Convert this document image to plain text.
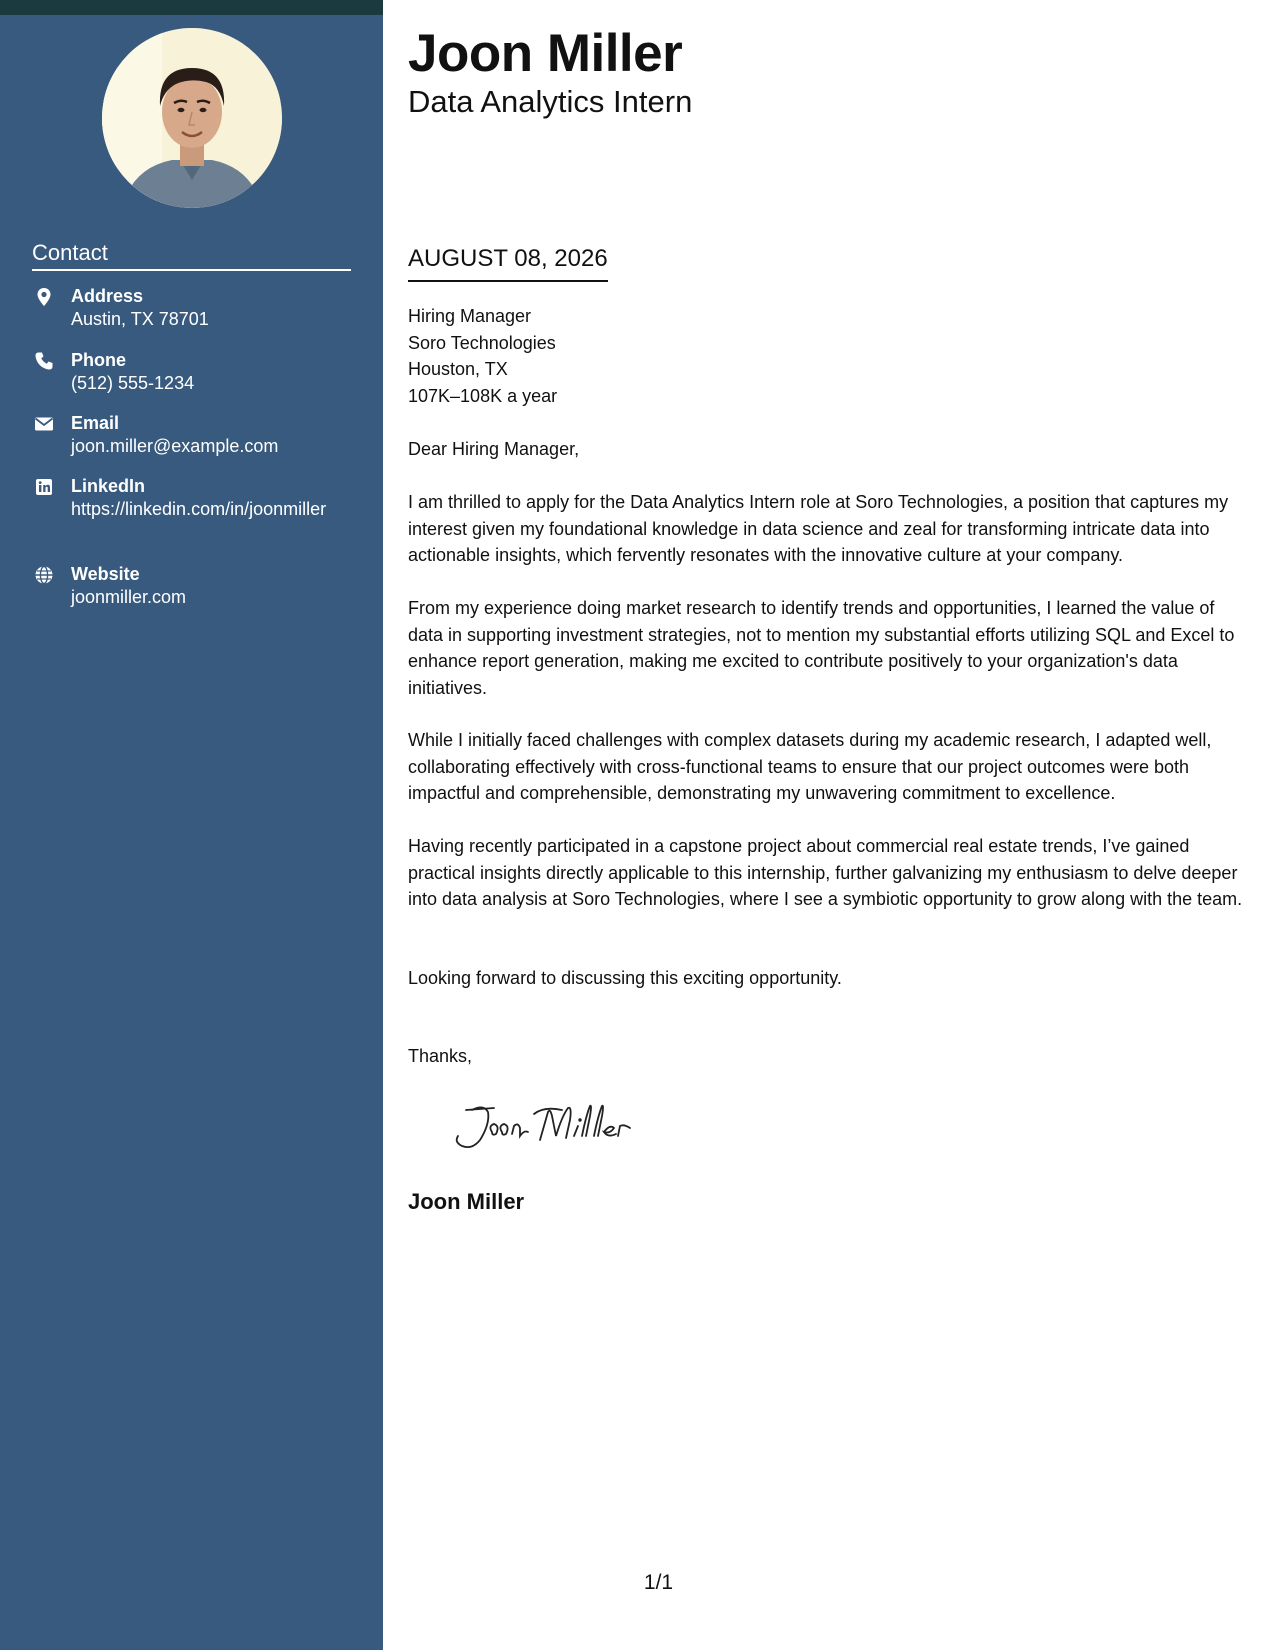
Contact
Address
Austin, TX 78701
Phone
(512) 555-1234
Email
joon.miller@example.com
LinkedIn
https://linkedin.com/in/joonmiller
Website
joonmiller.com
Joon Miller
Data Analytics Intern
AUGUST 08, 2026
Hiring Manager
Soro Technologies
Houston, TX
107K–108K a year
Dear Hiring Manager,
I am thrilled to apply for the Data Analytics Intern role at Soro Technologies, a position that captures my interest given my foundational knowledge in data science and zeal for transforming intricate data into actionable insights, which fervently resonates with the innovative culture at your company.
From my experience doing market research to identify trends and opportunities, I learned the value of data in supporting investment strategies, not to mention my substantial efforts utilizing SQL and Excel to enhance report generation, making me excited to contribute positively to your organization's data initiatives.
While I initially faced challenges with complex datasets during my academic research, I adapted well, collaborating effectively with cross-functional teams to ensure that our project outcomes were both impactful and comprehensible, demonstrating my unwavering commitment to excellence.
Having recently participated in a capstone project about commercial real estate trends, I’ve gained practical insights directly applicable to this internship, further galvanizing my enthusiasm to delve deeper into data analysis at Soro Technologies, where I see a symbiotic opportunity to grow along with the team.
Looking forward to discussing this exciting opportunity.
Thanks,
Joon Miller
1/1
